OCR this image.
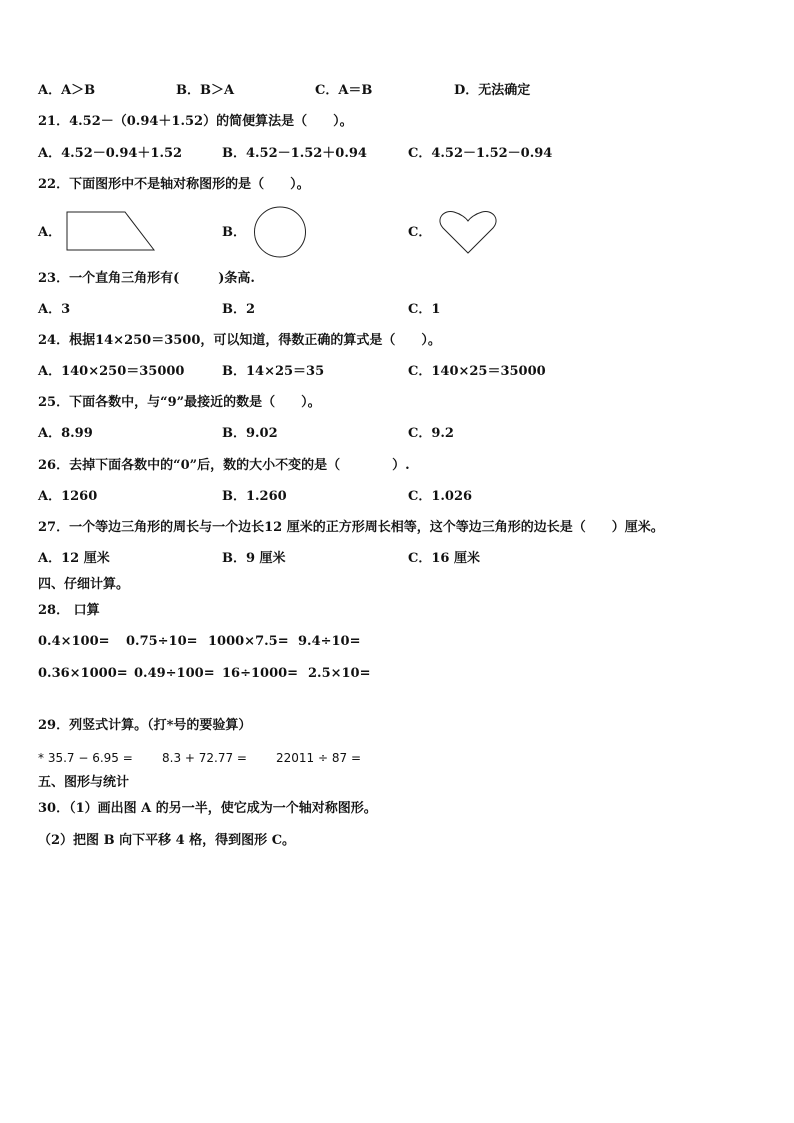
A．A＞B	B．B＞A	C．A＝B	D．无法确定
21．4.52－（0.94＋1.52）的简便算法是（　　）。
A．4.52－0.94＋1.52	B．4.52－1.52＋0.94	C．4.52－1.52－0.94
22．下面图形中不是轴对称图形的是（　　）。
A．	B．	C．
23．一个直角三角形有(　　　)条高.
A．3	B．2	C．1
24．根据14×250＝3500，可以知道，得数正确的算式是（　　）。
A．140×250＝35000	B．14×25＝35	C．140×25＝35000
25．下面各数中，与“9”最接近的数是（　　）。
A．8.99	B．9.02	C．9.2
26．去掉下面各数中的“0”后，数的大小不变的是（　　　　）.
A．1260	B．1.260	C．1.026
27．一个等边三角形的周长与一个边长12 厘米的正方形周长相等，这个等边三角形的边长是（　　）厘米。
A．12 厘米	B．9 厘米	C．16 厘米
四、仔细计算。
28． 口算
0.4×100= 0.75÷10= 1000×7.5= 9.4÷10=
0.36×1000= 0.49÷100= 16÷1000= 2.5×10=
29．列竖式计算。（打*号的要验算）
* 35.7 − 6.95 = 8.3 + 72.77 = 22011 ÷ 87 =
五、图形与统计
30．（1）画出图 A 的另一半，使它成为一个轴对称图形。
（2）把图 B 向下平移 4 格，得到图形 C。
